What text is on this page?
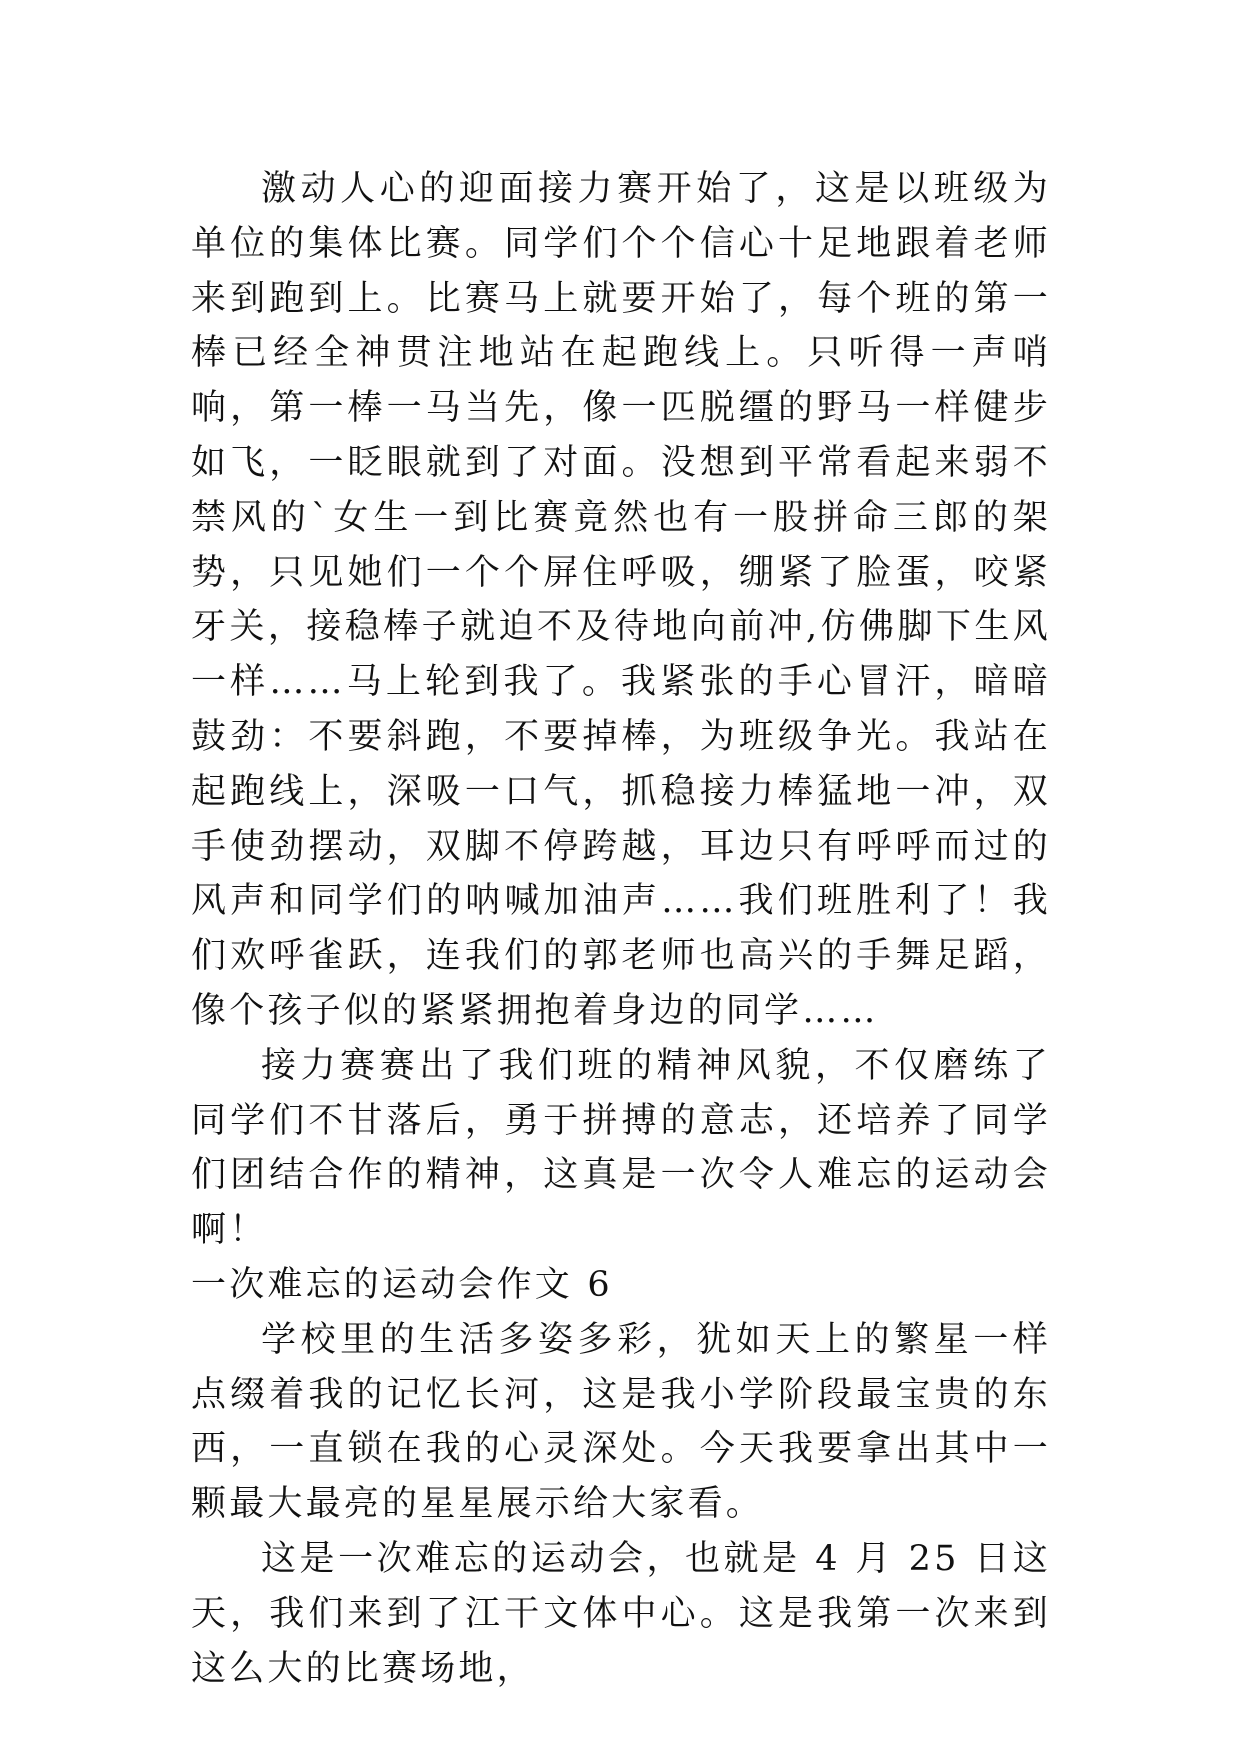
激动人心的迎面接力赛开始了，这是以班级为单位的集体比赛。同学们个个信心十足地跟着老师来到跑到上。比赛马上就要开始了，每个班的第一棒已经全神贯注地站在起跑线上。只听得一声哨响，第一棒一马当先，像一匹脱缰的野马一样健步如飞，一眨眼就到了对面。没想到平常看起来弱不禁风的`女生一到比赛竟然也有一股拼命三郎的架势，只见她们一个个屏住呼吸，绷紧了脸蛋，咬紧牙关，接稳棒子就迫不及待地向前冲,仿佛脚下生风一样……马上轮到我了。我紧张的手心冒汗，暗暗鼓劲：不要斜跑，不要掉棒，为班级争光。我站在起跑线上，深吸一口气，抓稳接力棒猛地一冲，双手使劲摆动，双脚不停跨越，耳边只有呼呼而过的风声和同学们的呐喊加油声……我们班胜利了！我们欢呼雀跃，连我们的郭老师也高兴的手舞足蹈，像个孩子似的紧紧拥抱着身边的同学……

接力赛赛出了我们班的精神风貌，不仅磨练了同学们不甘落后，勇于拼搏的意志，还培养了同学们团结合作的精神，这真是一次令人难忘的运动会啊！

一次难忘的运动会作文 6

学校里的生活多姿多彩，犹如天上的繁星一样点缀着我的记忆长河，这是我小学阶段最宝贵的东西，一直锁在我的心灵深处。今天我要拿出其中一颗最大最亮的星星展示给大家看。

这是一次难忘的运动会，也就是 4 月 25 日这天，我们来到了江干文体中心。这是我第一次来到这么大的比赛场地，
